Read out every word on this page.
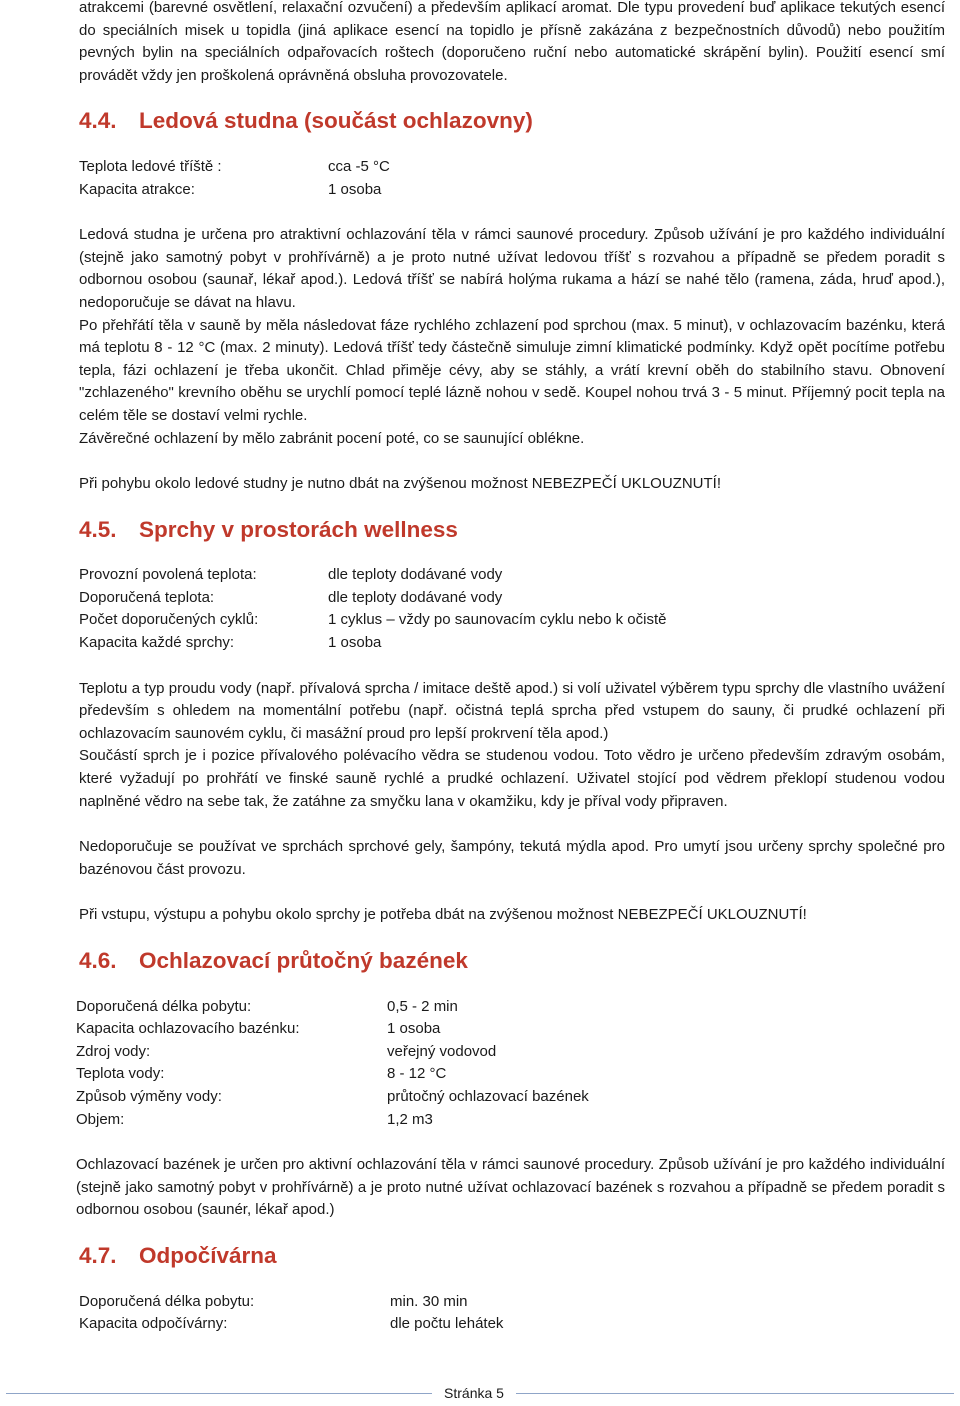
atrakcemi (barevné osvětlení, relaxační ozvučení) a především aplikací aromat. Dle typu provedení buď aplikace tekutých esencí do speciálních misek u topidla (jiná aplikace esencí na topidlo je přísně zakázána z bezpečnostních důvodů) nebo použitím pevných bylin na speciálních odpařovacích roštech (doporučeno ruční nebo automatické skrápění bylin). Použití esencí smí provádět vždy jen proškolená oprávněná obsluha provozovatele.

4.4. Ledová studna (součást ochlazovny)
Teplota ledové tříště :	cca -5 °C
Kapacita atrakce:	1 osoba

Ledová studna je určena pro atraktivní ochlazování těla v rámci saunové procedury. Způsob užívání je pro každého individuální (stejně jako samotný pobyt v prohřívárně) a je proto nutné užívat ledovou tříšť s rozvahou a případně se předem poradit s odbornou osobou (saunař, lékař apod.). Ledová tříšť se nabírá holýma rukama a hází se nahé tělo (ramena, záda, hruď apod.), nedoporučuje se dávat na hlavu.

Po přehřátí těla v sauně by měla následovat fáze rychlého zchlazení pod sprchou (max. 5 minut), v ochlazovacím bazénku, která má teplotu 8 - 12 °C (max. 2 minuty). Ledová tříšť tedy částečně simuluje zimní klimatické podmínky. Když opět pocítíme potřebu tepla, fázi ochlazení je třeba ukončit. Chlad přiměje cévy, aby se stáhly, a vrátí krevní oběh do stabilního stavu. Obnovení "zchlazeného" krevního oběhu se urychlí pomocí teplé lázně nohou v sedě. Koupel nohou trvá 3 - 5 minut. Příjemný pocit tepla na celém těle se dostaví velmi rychle.

Závěrečné ochlazení by mělo zabránit pocení poté, co se saunující oblékne.

Při pohybu okolo ledové studny je nutno dbát na zvýšenou možnost NEBEZPEČÍ UKLOUZNUTÍ!

4.5. Sprchy v prostorách wellness
Provozní povolená teplota:	dle teploty dodávané vody
Doporučená teplota:	dle teploty dodávané vody
Počet doporučených cyklů:	1 cyklus – vždy po saunovacím cyklu nebo k očistě
Kapacita každé sprchy:	1 osoba

Teplotu a typ proudu vody (např. přívalová sprcha / imitace deště apod.) si volí uživatel výběrem typu sprchy dle vlastního uvážení především s ohledem na momentální potřebu (např. očistná teplá sprcha před vstupem do sauny, či prudké ochlazení při ochlazovacím saunovém cyklu, či masážní proud pro lepší prokrvení těla apod.)

Součástí sprch je i pozice přívalového polévacího vědra se studenou vodou. Toto vědro je určeno především zdravým osobám, které vyžadují po prohřátí ve finské sauně rychlé a prudké ochlazení. Uživatel stojící pod vědrem překlopí studenou vodou naplněné vědro na sebe tak, že zatáhne za smyčku lana v okamžiku, kdy je příval vody připraven.

Nedoporučuje se používat ve sprchách sprchové gely, šampóny, tekutá mýdla apod. Pro umytí jsou určeny sprchy společné pro bazénovou část provozu.

Při vstupu, výstupu a pohybu okolo sprchy je potřeba dbát na zvýšenou možnost NEBEZPEČÍ UKLOUZNUTÍ!

4.6. Ochlazovací průtočný bazének
Doporučená délka pobytu:	0,5 - 2 min
Kapacita ochlazovacího bazénku:	1 osoba
Zdroj vody:	veřejný vodovod
Teplota vody:	8 - 12 °C
Způsob výměny vody:	průtočný ochlazovací bazének
Objem:	1,2 m3

Ochlazovací bazének je určen pro aktivní ochlazování těla v rámci saunové procedury. Způsob užívání je pro každého individuální (stejně jako samotný pobyt v prohřívárně) a je proto nutné užívat ochlazovací bazének s rozvahou a případně se předem poradit s odbornou osobou (saunér, lékař apod.)

4.7. Odpočívárna
Doporučená délka pobytu:	min. 30 min
Kapacita odpočívárny:	dle počtu lehátek
Stránka 5
